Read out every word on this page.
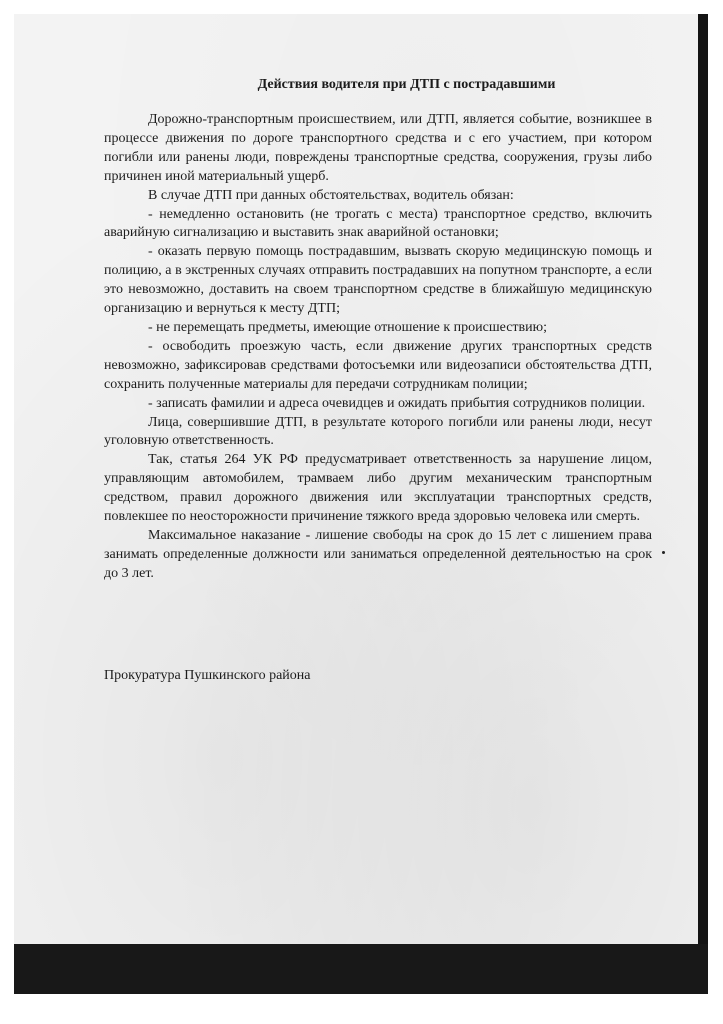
Действия водителя при ДТП с пострадавшими

Дорожно-транспортным происшествием, или ДТП, является событие, возникшее в процессе движения по дороге транспортного средства и с его участием, при котором погибли или ранены люди, повреждены транспортные средства, сооружения, грузы либо причинен иной материальный ущерб.

В случае ДТП при данных обстоятельствах, водитель обязан:

- немедленно остановить (не трогать с места) транспортное средство, включить аварийную сигнализацию и выставить знак аварийной остановки;

- оказать первую помощь пострадавшим, вызвать скорую медицинскую помощь и полицию, а в экстренных случаях отправить пострадавших на попутном транспорте, а если это невозможно, доставить на своем транспортном средстве в ближайшую медицинскую организацию и вернуться к месту ДТП;

- не перемещать предметы, имеющие отношение к происшествию;

- освободить проезжую часть, если движение других транспортных средств невозможно, зафиксировав средствами фотосъемки или видеозаписи обстоятельства ДТП, сохранить полученные материалы для передачи сотрудникам полиции;

- записать фамилии и адреса очевидцев и ожидать прибытия сотрудников полиции.

Лица, совершившие ДТП, в результате которого погибли или ранены люди, несут уголовную ответственность.

Так, статья 264 УК РФ предусматривает ответственность за нарушение лицом, управляющим автомобилем, трамваем либо другим механическим транспортным средством, правил дорожного движения или эксплуатации транспортных средств, повлекшее по неосторожности причинение тяжкого вреда здоровью человека или смерть.

Максимальное наказание - лишение свободы на срок до 15 лет с лишением права занимать определенные должности или заниматься определенной деятельностью на срок до 3 лет.

Прокуратура Пушкинского района
